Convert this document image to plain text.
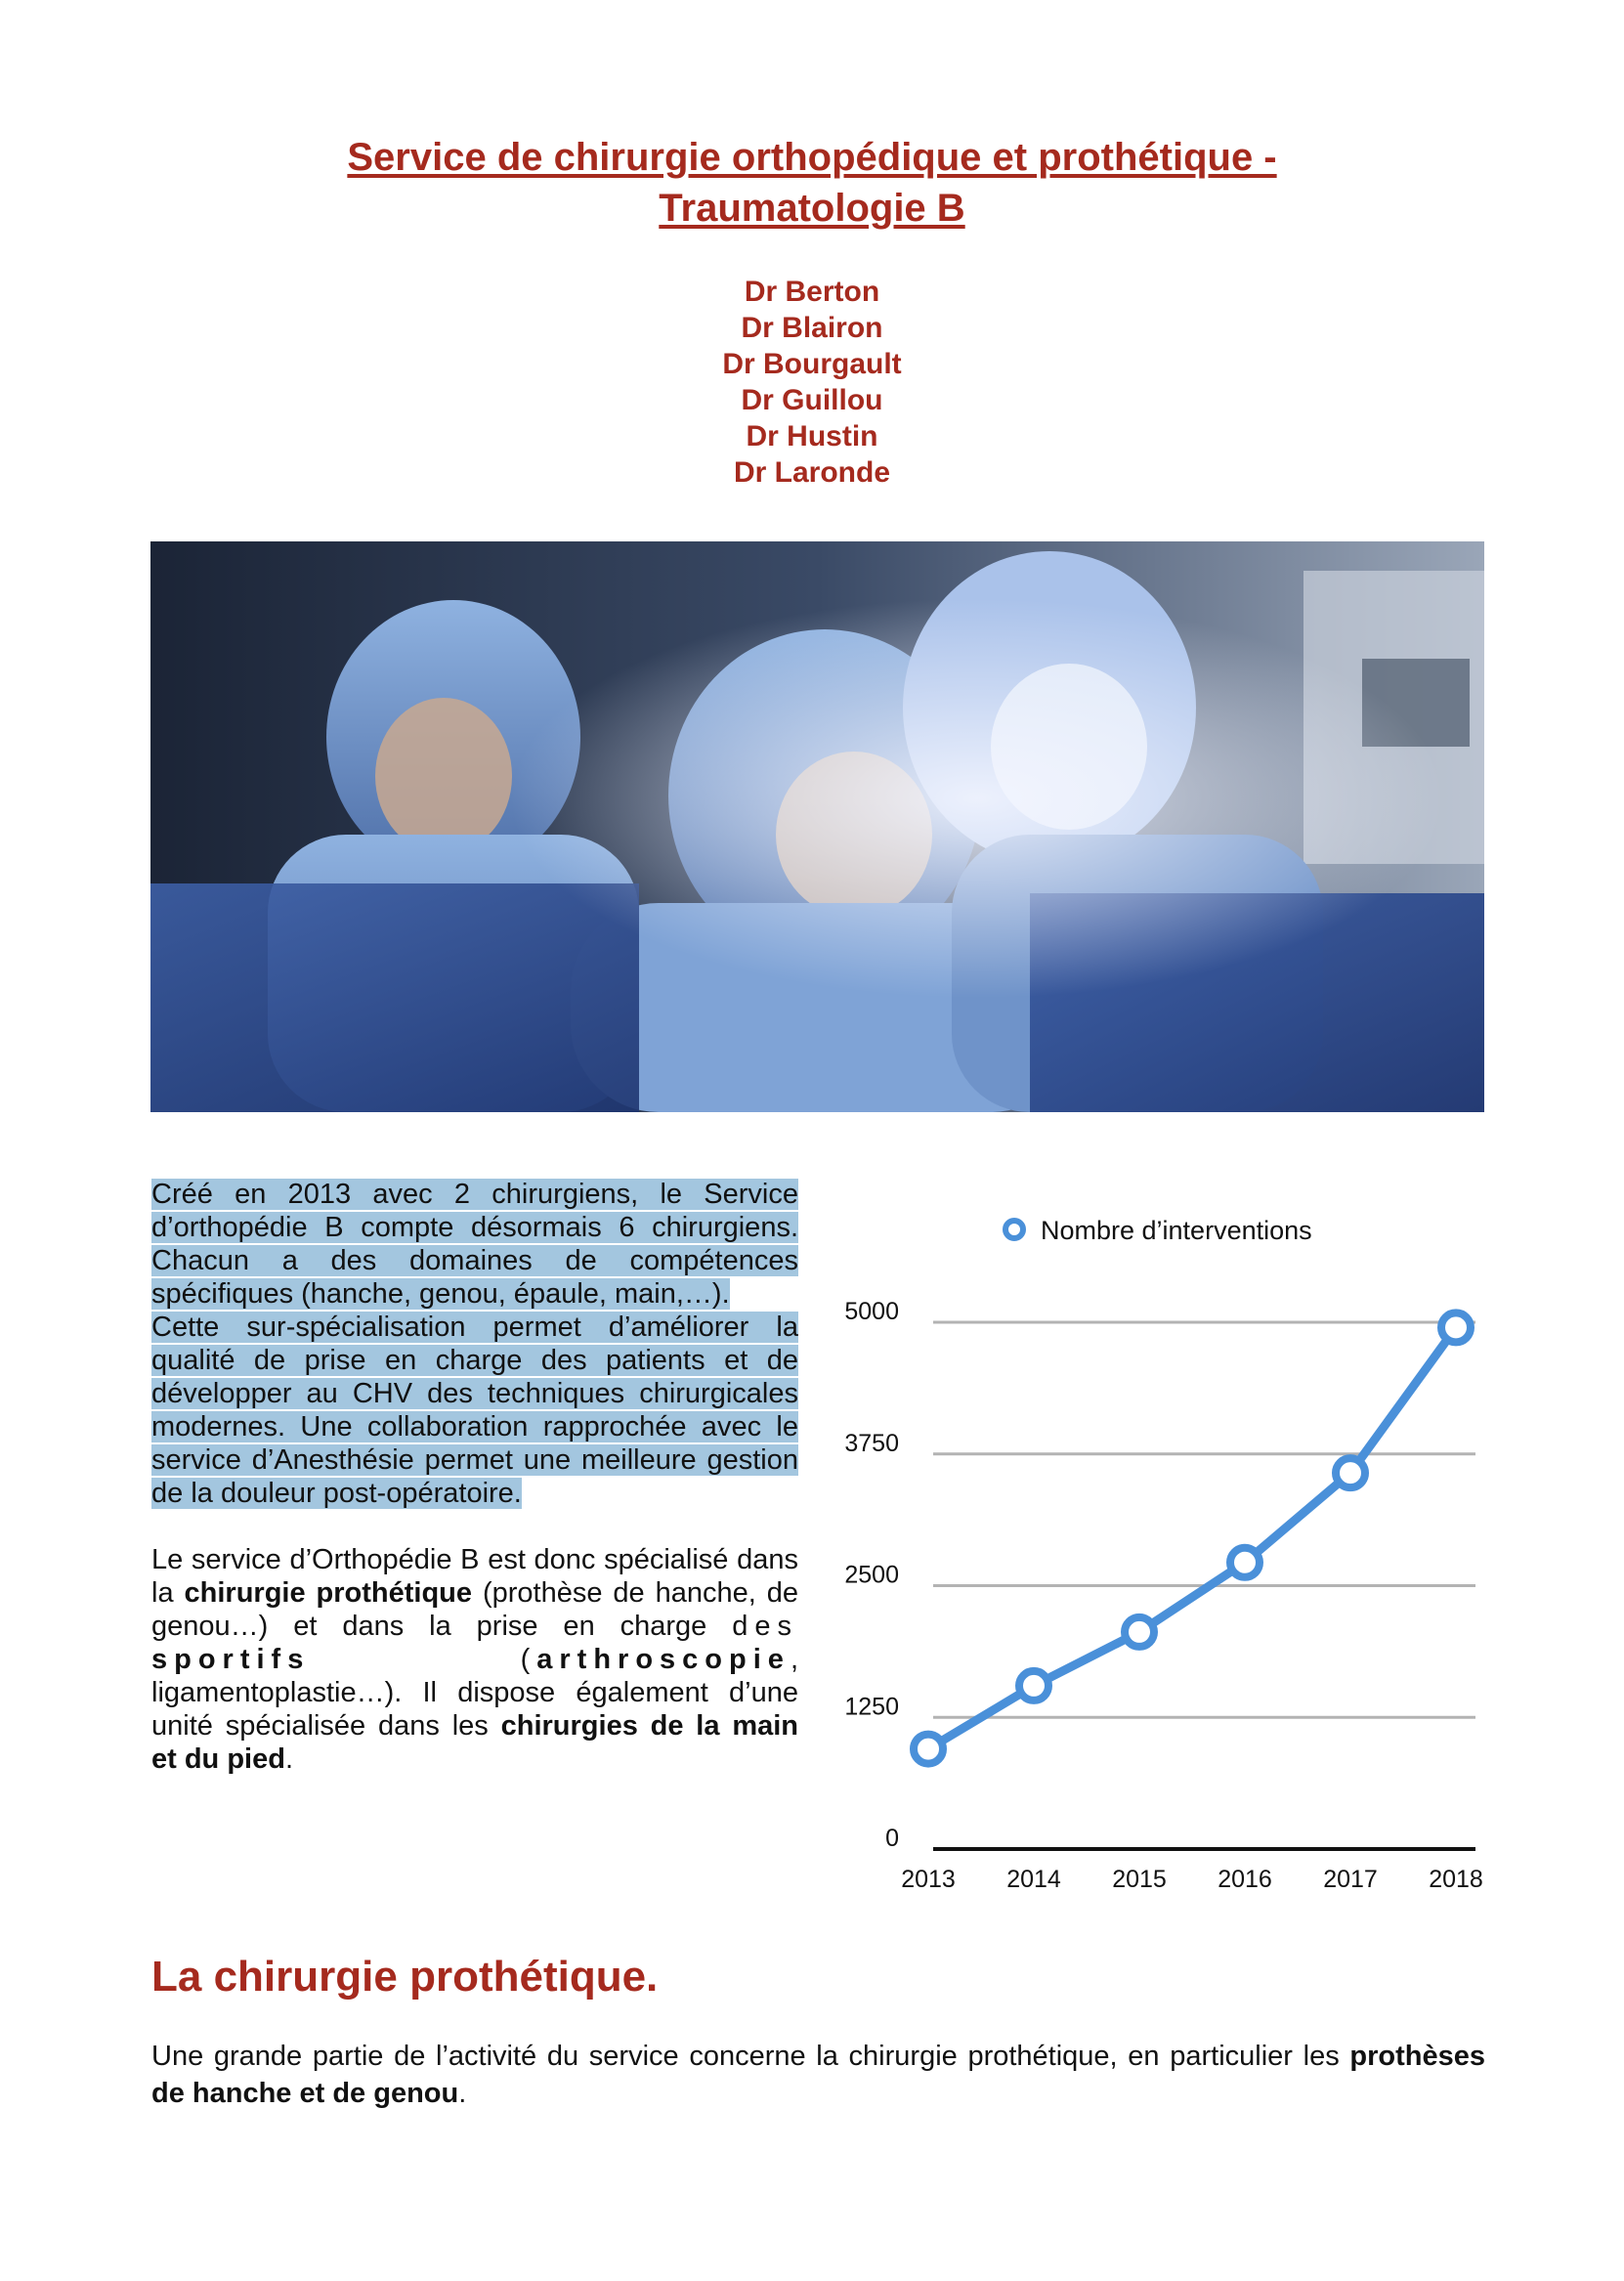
Service de chirurgie orthopédique et prothétique -
Traumatologie B
Dr Berton
Dr Blairon
Dr Bourgault
Dr Guillou
Dr Hustin
Dr Laronde

Créé en 2013 avec 2 chirurgiens, le Service d’orthopédie B compte désormais 6 chirurgiens. Chacun a des domaines de compétences spécifiques (hanche, genou, épaule, main,…).
Cette sur-spécialisation permet d’améliorer la qualité de prise en charge des patients et de développer au CHV des techniques chirurgicales modernes. Une collaboration rapprochée avec le service d’Anesthésie permet une meilleure gestion de la douleur post-opératoire.

Le service d’Orthopédie B est donc spécialisé dans la chirurgie prothétique (prothèse de hanche, de genou…) et dans la prise en charge des sportifs (arthroscopie, ligamentoplastie…). Il dispose également d’une unité spécialisée dans les chirurgies de la main et du pied.

Nombre d’interventions
0
1250
2500
3750
5000
2013 2014 2015 2016 2017 2018
La chirurgie prothétique.

Une grande partie de l’activité du service concerne la chirurgie prothétique, en particulier les prothèses de hanche et de genou.
